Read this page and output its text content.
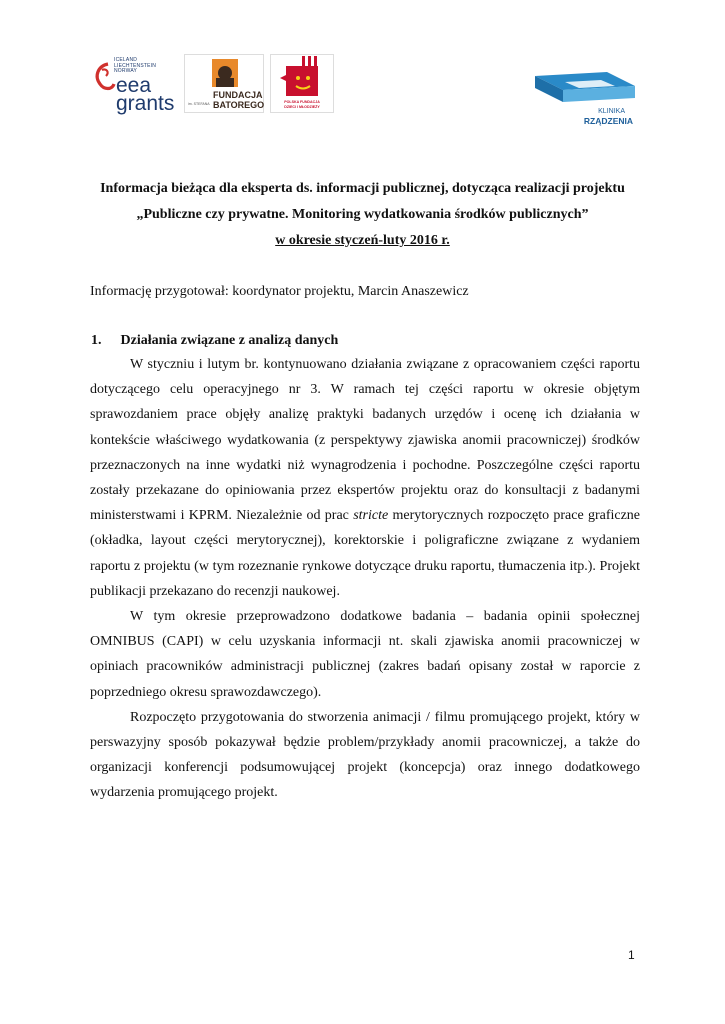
ICELAND
LIECHTENSTEIN
NORWAY
eea
grants	FUNDACJA
BATOREGO
im. STEFANA	POLSKA FUNDACJA
DZIECI I MŁODZIEŻY
KLINIKA
RZĄDZENIA
Informacja bieżąca dla eksperta ds. informacji publicznej, dotycząca realizacji projektu
„Publiczne czy prywatne. Monitoring wydatkowania środków publicznych”
w okresie styczeń-luty 2016 r.
Informację przygotował: koordynator projektu, Marcin Anaszewicz
1. Działania związane z analizą danych

W styczniu i lutym br. kontynuowano działania związane z opracowaniem części raportu dotyczącego celu operacyjnego nr 3. W ramach tej części raportu w okresie objętym sprawozdaniem prace objęły analizę praktyki badanych urzędów i ocenę ich działania w kontekście właściwego wydatkowania (z perspektywy zjawiska anomii pracowniczej) środków przeznaczonych na inne wydatki niż wynagrodzenia i pochodne. Poszczególne części raportu zostały przekazane do opiniowania przez ekspertów projektu oraz do konsultacji z badanymi ministerstwami i KPRM. Niezależnie od prac stricte merytorycznych rozpoczęto prace graficzne (okładka, layout części merytorycznej), korektorskie i poligraficzne związane z wydaniem raportu z projektu (w tym rozeznanie rynkowe dotyczące druku raportu, tłumaczenia itp.). Projekt publikacji przekazano do recenzji naukowej.

W tym okresie przeprowadzono dodatkowe badania – badania opinii społecznej OMNIBUS (CAPI) w celu uzyskania informacji nt. skali zjawiska anomii pracowniczej w opiniach pracowników administracji publicznej (zakres badań opisany został w raporcie z poprzedniego okresu sprawozdawczego).

Rozpoczęto przygotowania do stworzenia animacji / filmu promującego projekt, który w perswazyjny sposób pokazywał będzie problem/przykłady anomii pracowniczej, a także do organizacji konferencji podsumowującej projekt (koncepcja) oraz innego dodatkowego wydarzenia promującego projekt.

1
